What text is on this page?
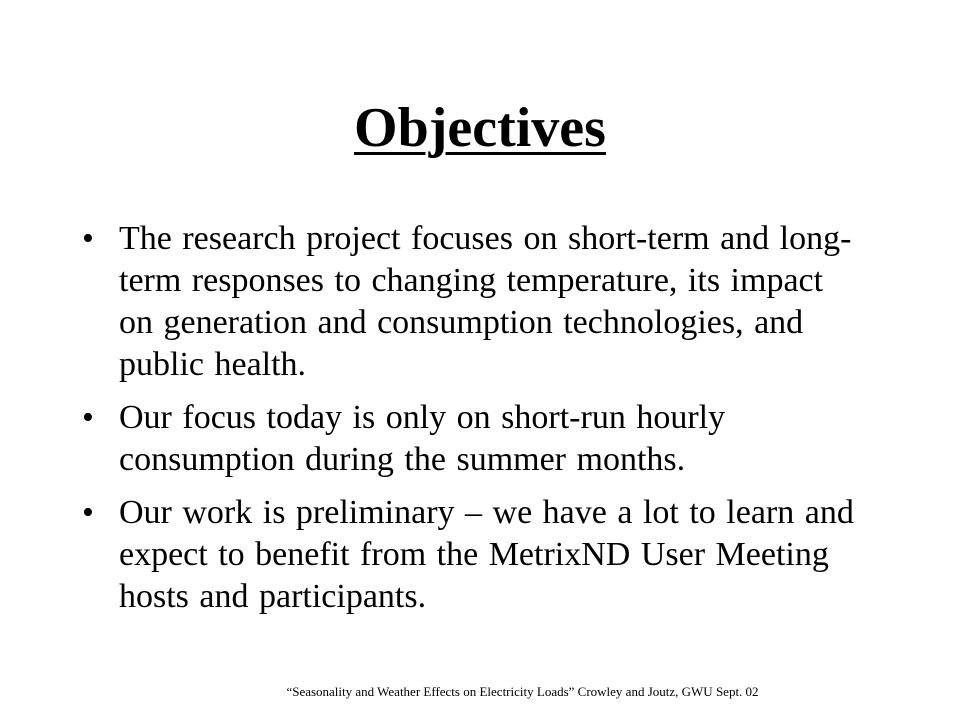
Objectives
• The research project focuses on short-term and long-term responses to changing temperature, its impact on generation and consumption technologies, and public health.
• Our focus today is only on short-run hourly consumption during the summer months.
• Our work is preliminary – we have a lot to learn and expect to benefit from the MetrixND User Meeting hosts and participants.
“Seasonality and Weather Effects on Electricity Loads” Crowley and Joutz, GWU Sept. 02
